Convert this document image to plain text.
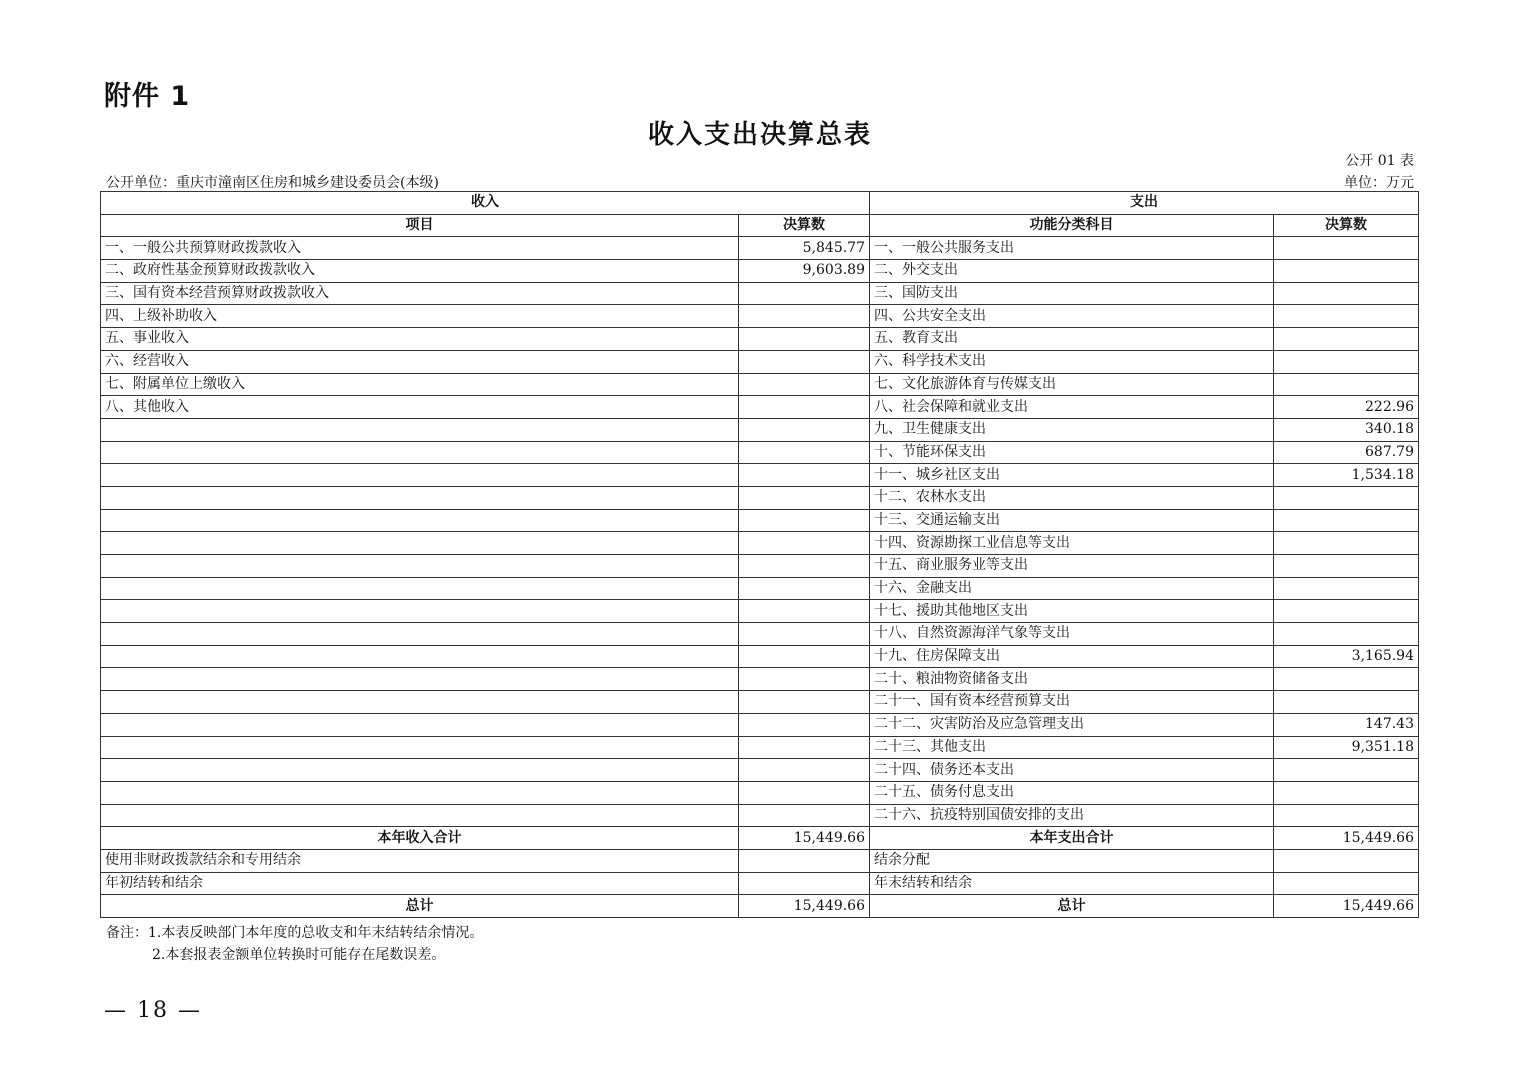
附件 1
收入支出决算总表
公开 01 表
公开单位：重庆市潼南区住房和城乡建设委员会(本级)	单位：万元
收入		支出	
项目	决算数	功能分类科目	决算数
一、一般公共预算财政拨款收入	5,845.77	一、一般公共服务支出	
二、政府性基金预算财政拨款收入	9,603.89	二、外交支出	
三、国有资本经营预算财政拨款收入		三、国防支出	
四、上级补助收入		四、公共安全支出	
五、事业收入		五、教育支出	
六、经营收入		六、科学技术支出	
七、附属单位上缴收入		七、文化旅游体育与传媒支出	
八、其他收入		八、社会保障和就业支出	222.96
		九、卫生健康支出	340.18
		十、节能环保支出	687.79
		十一、城乡社区支出	1,534.18
		十二、农林水支出	
		十三、交通运输支出	
		十四、资源勘探工业信息等支出	
		十五、商业服务业等支出	
		十六、金融支出	
		十七、援助其他地区支出	
		十八、自然资源海洋气象等支出	
		十九、住房保障支出	3,165.94
		二十、粮油物资储备支出	
		二十一、国有资本经营预算支出	
		二十二、灾害防治及应急管理支出	147.43
		二十三、其他支出	9,351.18
		二十四、债务还本支出	
		二十五、债务付息支出	
		二十六、抗疫特别国债安排的支出	
本年收入合计	15,449.66	本年支出合计	15,449.66
使用非财政拨款结余和专用结余		结余分配	
年初结转和结余		年末结转和结余	
总计	15,449.66	总计	15,449.66
备注：1.本表反映部门本年度的总收支和年末结转结余情况。
2.本套报表金额单位转换时可能存在尾数误差。
— 18 —
